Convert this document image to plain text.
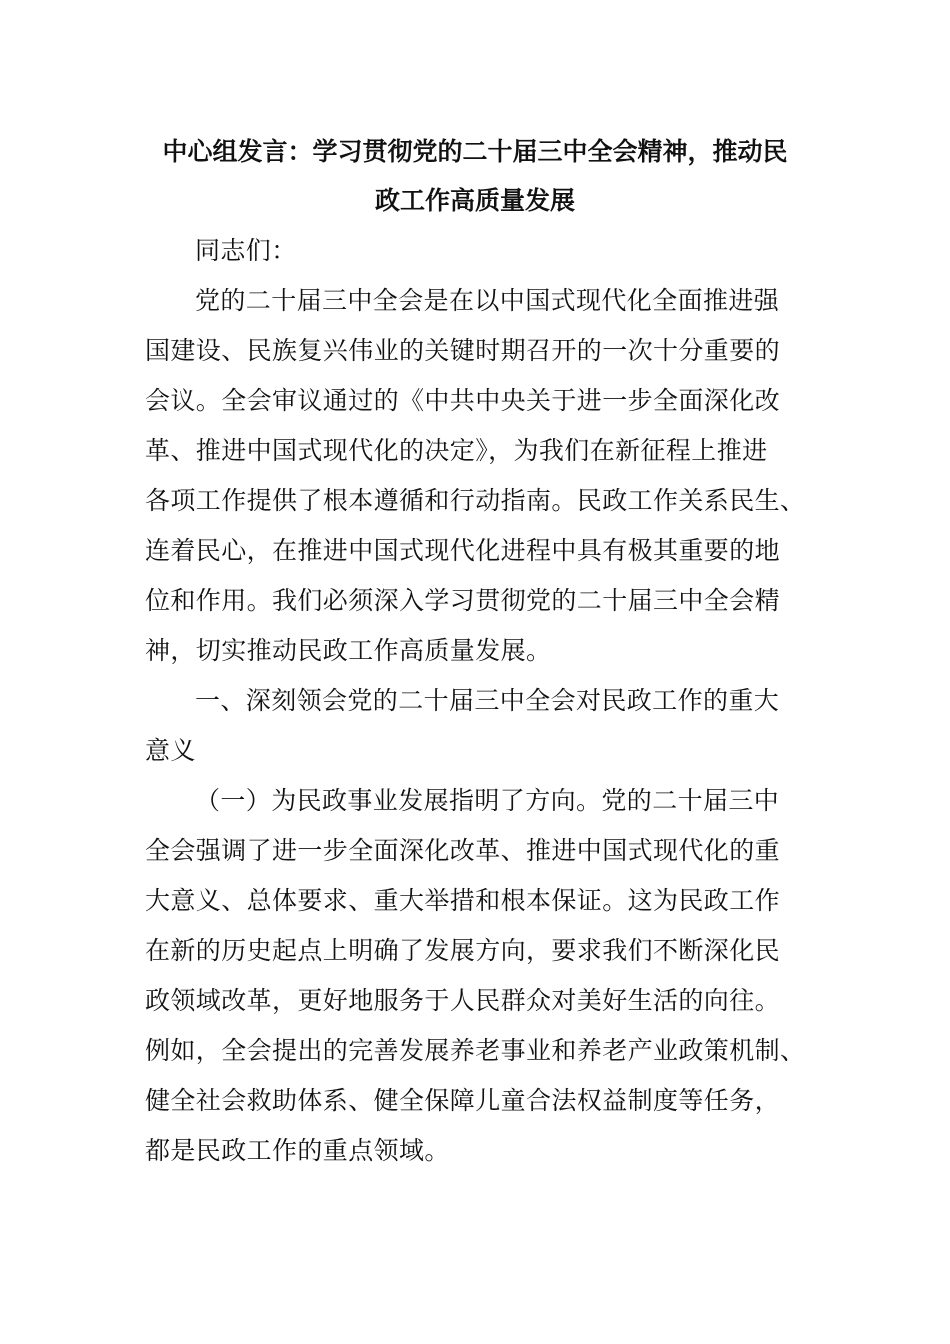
中心组发言：学习贯彻党的二十届三中全会精神，推动民
政工作高质量发展
同志们：
党的二十届三中全会是在以中国式现代化全面推进强
国建设、民族复兴伟业的关键时期召开的一次十分重要的
会议。全会审议通过的《中共中央关于进一步全面深化改
革、推进中国式现代化的决定》，为我们在新征程上推进
各项工作提供了根本遵循和行动指南。民政工作关系民生、
连着民心，在推进中国式现代化进程中具有极其重要的地
位和作用。我们必须深入学习贯彻党的二十届三中全会精
神，切实推动民政工作高质量发展。
一、深刻领会党的二十届三中全会对民政工作的重大
意义
（一）为民政事业发展指明了方向。党的二十届三中
全会强调了进一步全面深化改革、推进中国式现代化的重
大意义、总体要求、重大举措和根本保证。这为民政工作
在新的历史起点上明确了发展方向，要求我们不断深化民
政领域改革，更好地服务于人民群众对美好生活的向往。
例如，全会提出的完善发展养老事业和养老产业政策机制、
健全社会救助体系、健全保障儿童合法权益制度等任务，
都是民政工作的重点领域。
